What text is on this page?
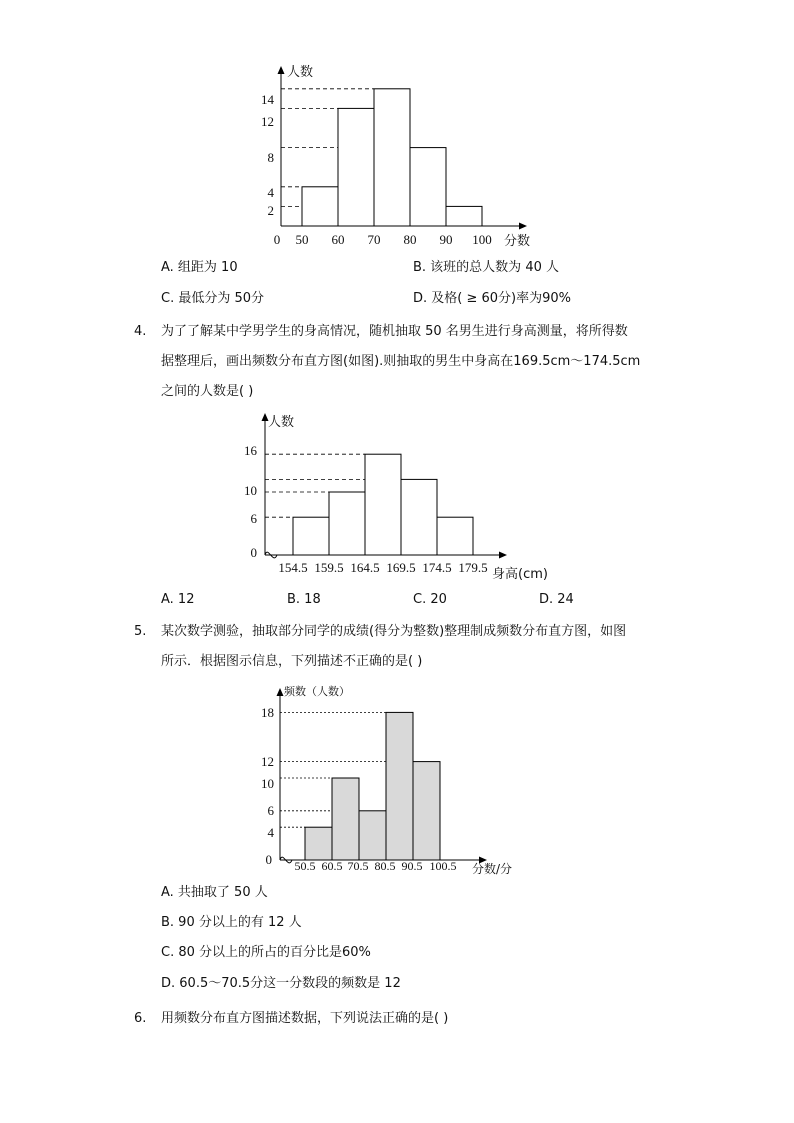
人数
分数
0
14
12
8
4
2
50 60 70 80 90 100
A. 组距为 10	B. 该班的总人数为 40 人
C. 最低分为 50分	D. 及格( ≥ 60分)率为90%
4. 为了了解某中学男学生的身高情况，随机抽取 50 名男生进行身高测量，将所得数
据整理后，画出频数分布直方图(如图).则抽取的男生中身高在169.5cm～174.5cm
之间的人数是( )
人数
身高(cm)
0
16
10
6
154.5 159.5 164.5 169.5 174.5 179.5
A. 12	B. 18	C. 20	D. 24
5. 某次数学测验，抽取部分同学的成绩(得分为整数)整理制成频数分布直方图，如图
所示．根据图示信息，下列描述不正确的是( )
频数（人数）
分数/分
0
18
12
10
6
4
50.5 60.5 70.5 80.5 90.5 100.5
A. 共抽取了 50 人
B. 90 分以上的有 12 人
C. 80 分以上的所占的百分比是60%
D. 60.5～70.5分这一分数段的频数是 12
6. 用频数分布直方图描述数据，下列说法正确的是( )
